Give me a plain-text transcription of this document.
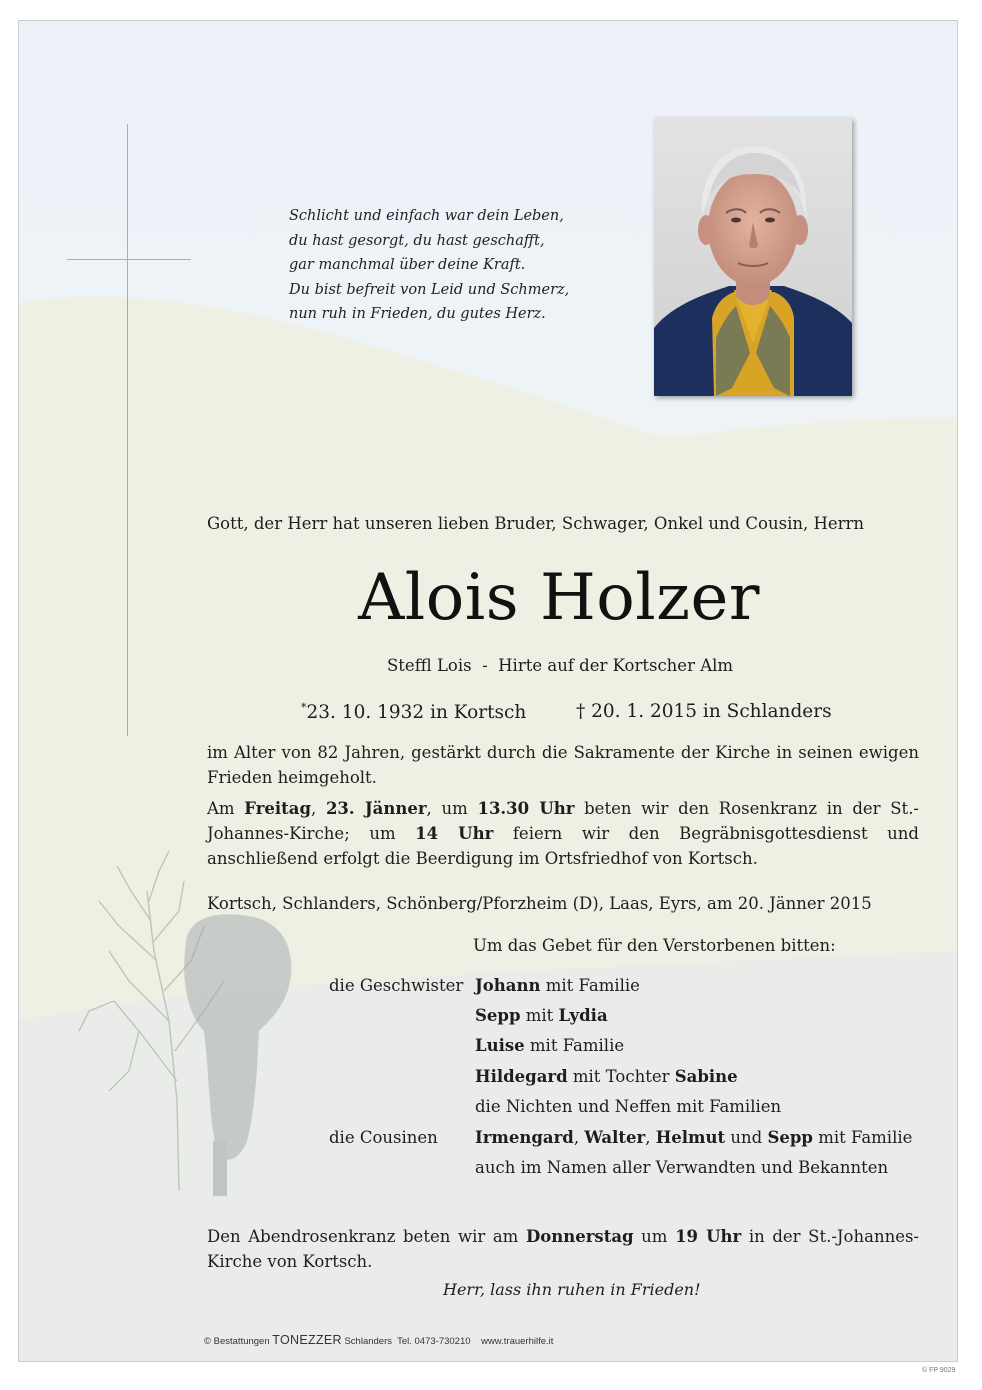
Schlicht und einfach war dein Leben,
du hast gesorgt, du hast geschafft,
gar manchmal über deine Kraft.
Du bist befreit von Leid und Schmerz,
nun ruh in Frieden, du gutes Herz.
Gott, der Herr hat unseren lieben Bruder, Schwager, Onkel und Cousin, Herrn
Alois Holzer
Steffl Lois - Hirte auf der Kortscher Alm
*23. 10. 1932 in Kortsch	† 20. 1. 2015 in Schlanders
im Alter von 82 Jahren, gestärkt durch die Sakramente der Kirche in seinen ewigen Frieden heimgeholt.
Am Freitag, 23. Jänner, um 13.30 Uhr beten wir den Rosenkranz in der St.-Johannes-Kirche; um 14 Uhr feiern wir den Begräbnisgottesdienst und anschließend erfolgt die Beerdigung im Ortsfriedhof von Kortsch.
Kortsch, Schlanders, Schönberg/Pforzheim (D), Laas, Eyrs, am 20. Jänner 2015
Um das Gebet für den Verstorbenen bitten:
die Geschwister Johann mit Familie
Sepp mit Lydia
Luise mit Familie
Hildegard mit Tochter Sabine
die Nichten und Neffen mit Familien
die Cousinen	Irmengard, Walter, Helmut und Sepp mit Familie
auch im Namen aller Verwandten und Bekannten
Den Abendrosenkranz beten wir am Donnerstag um 19 Uhr in der St.-Johannes-Kirche von Kortsch.
Herr, lass ihn ruhen in Frieden!
© Bestattungen TONEZZER Schlanders  Tel. 0473-730210    www.trauerhilfe.it
© FP 9029
